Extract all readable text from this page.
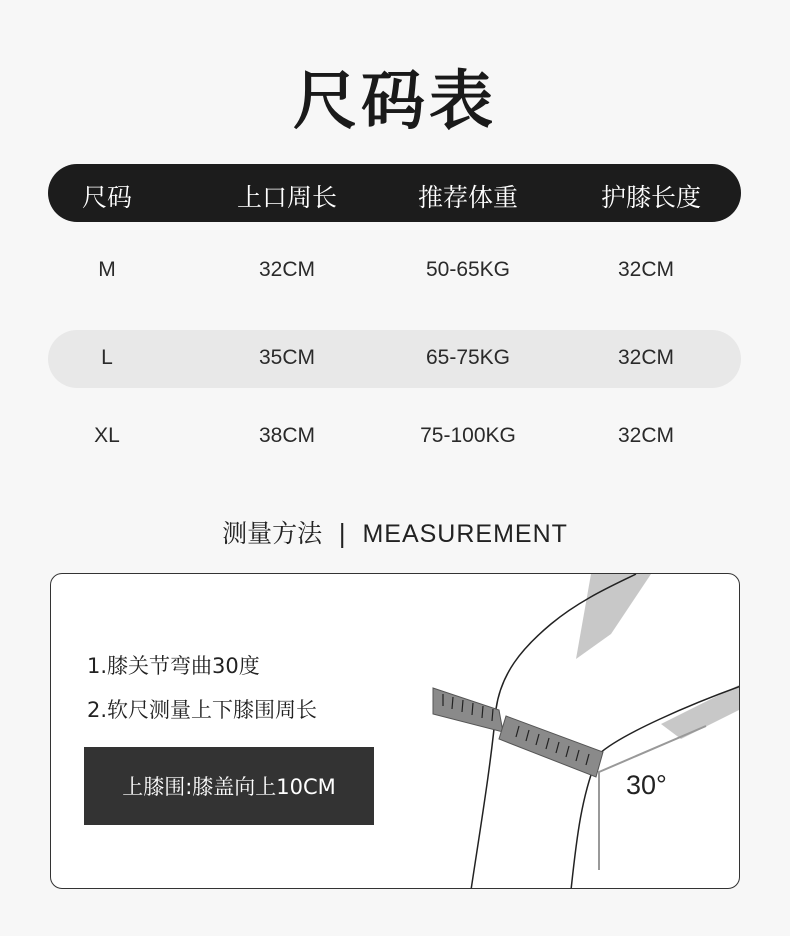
尺码表
尺码	上口周长	推荐体重	护膝长度
M	32CM	50-65KG	32CM
L	35CM	65-75KG	32CM
XL	38CM	75-100KG	32CM
测量方法 | MEASUREMENT
1.膝关节弯曲30度
2.软尺测量上下膝围周长
上膝围:膝盖向上10CM	30°
